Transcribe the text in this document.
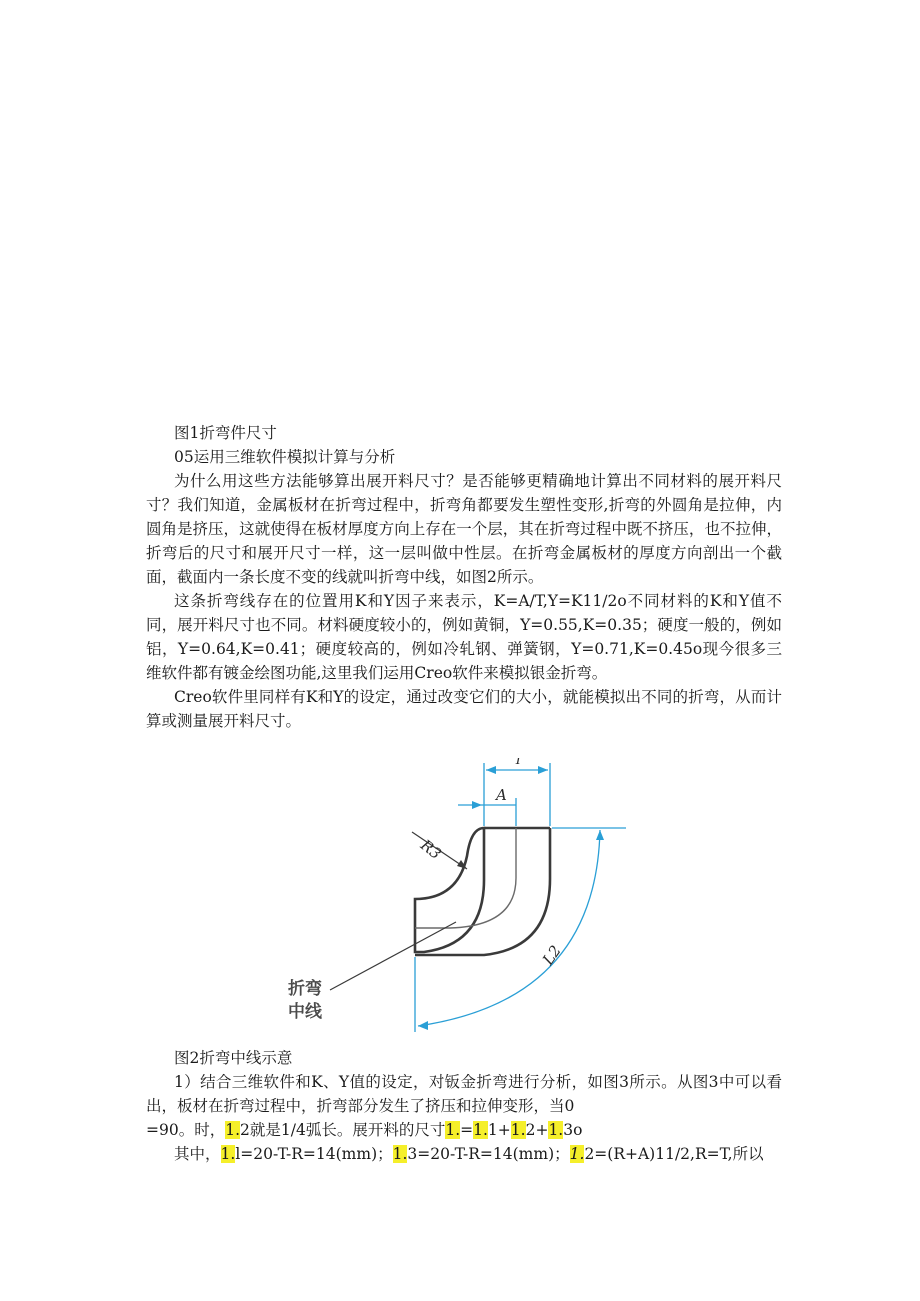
图1折弯件尺寸

05运用三维软件模拟计算与分析

为什么用这些方法能够算出展开料尺寸？是否能够更精确地计算出不同材料的展开料尺寸？我们知道，金属板材在折弯过程中，折弯角都要发生塑性变形,折弯的外圆角是拉伸，内圆角是挤压，这就使得在板材厚度方向上存在一个层，其在折弯过程中既不挤压，也不拉伸，折弯后的尺寸和展开尺寸一样，这一层叫做中性层。在折弯金属板材的厚度方向剖出一个截面，截面内一条长度不变的线就叫折弯中线，如图2所示。

这条折弯线存在的位置用K和Y因子来表示，K=A/T,Y=K11∕2o不同材料的K和Y值不同，展开料尺寸也不同。材料硬度较小的，例如黄铜，Y=0.55,K=0.35；硬度一般的，例如铝，Y=0.64,K=0.41；硬度较高的，例如冷轧钢、弹簧钢，Y=0.71,K=0.45o现今很多三维软件都有镀金绘图功能,这里我们运用Creo软件来模拟银金折弯。

Creo软件里同样有K和Y的设定，通过改变它们的大小，就能模拟出不同的折弯，从而计算或测量展开料尺寸。

T
A
R3
L2
折弯
中线

图2折弯中线示意

1）结合三维软件和K、Y值的设定，对钣金折弯进行分析，如图3所示。从图3中可以看出，板材在折弯过程中，折弯部分发生了挤压和拉伸变形，当0

=90。时，1.2就是1/4弧长。展开料的尺寸1.=1.1+1.2+1.3o

其中，1.l=20-T-R=14(mm)；1.3=20-T-R=14(mm)；1.2=(R+A)11∕2,R=T,所以
